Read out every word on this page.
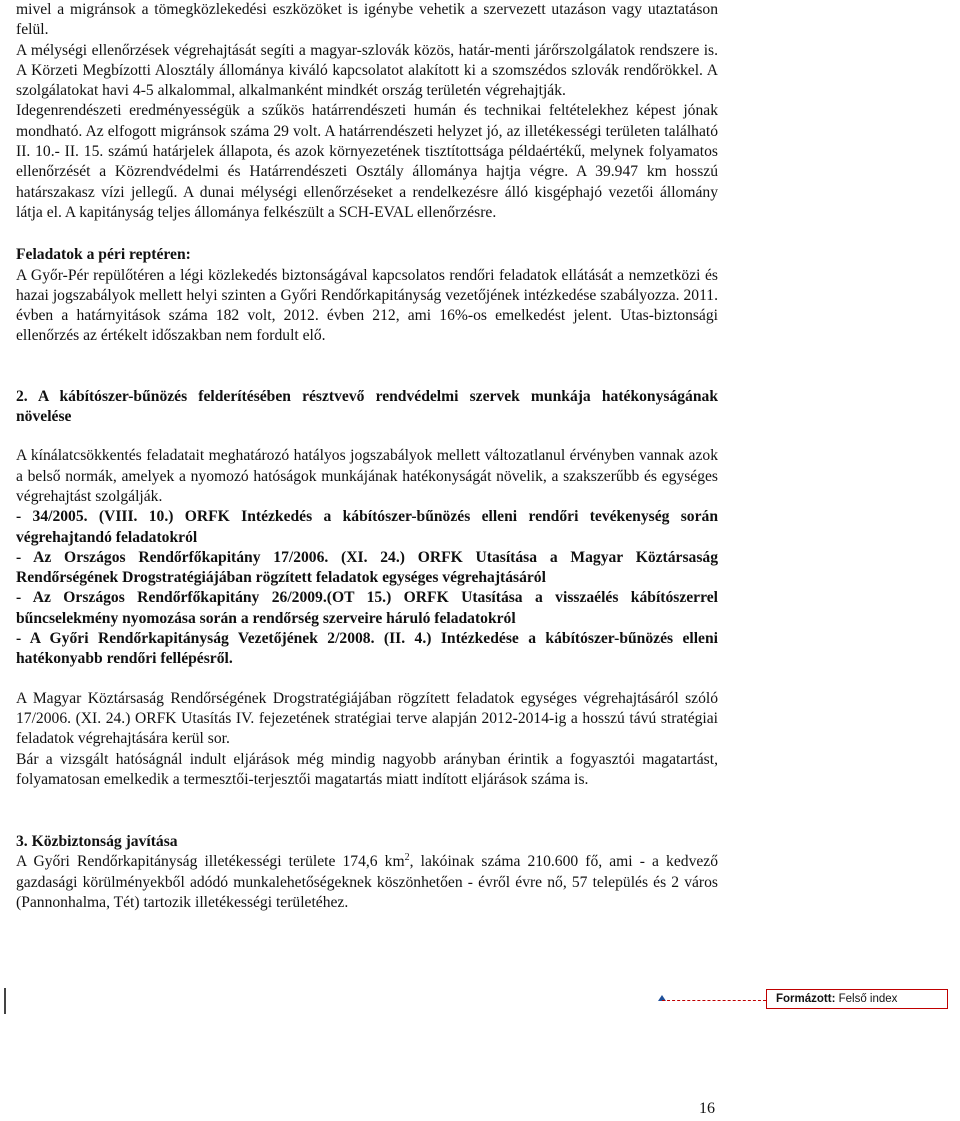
mivel a migránsok a tömegközlekedési eszközöket is igénybe vehetik a szervezett utazáson vagy utaztatáson felül.

A mélységi ellenőrzések végrehajtását segíti a magyar-szlovák közös, határ-menti járőrszolgálatok rendszere is. A Körzeti Megbízotti Alosztály állománya kiváló kapcsolatot alakított ki a szomszédos szlovák rendőrökkel. A szolgálatokat havi 4-5 alkalommal, alkalmanként mindkét ország területén végrehajtják.

Idegenrendészeti eredményességük a szűkös határrendészeti humán és technikai feltételekhez képest jónak mondható. Az elfogott migránsok száma 29 volt. A határrendészeti helyzet jó, az illetékességi területen található II. 10.- II. 15. számú határjelek állapota, és azok környezetének tisztítottsága példaértékű, melynek folyamatos ellenőrzését a Közrendvédelmi és Határrendészeti Osztály állománya hajtja végre. A 39.947 km hosszú határszakasz vízi jellegű. A dunai mélységi ellenőrzéseket a rendelkezésre álló kisgéphajó vezetői állomány látja el. A kapitányság teljes állománya felkészült a SCH-EVAL ellenőrzésre.

Feladatok a péri reptéren:

A Győr-Pér repülőtéren a légi közlekedés biztonságával kapcsolatos rendőri feladatok ellátását a nemzetközi és hazai jogszabályok mellett helyi szinten a Győri Rendőrkapitányság vezetőjének intézkedése szabályozza. 2011. évben a határnyitások száma 182 volt, 2012. évben 212, ami 16%-os emelkedést jelent. Utas-biztonsági ellenőrzés az értékelt időszakban nem fordult elő.

2. A kábítószer-bűnözés felderítésében résztvevő rendvédelmi szervek munkája hatékonyságának növelése

A kínálatcsökkentés feladatait meghatározó hatályos jogszabályok mellett változatlanul érvényben vannak azok a belső normák, amelyek a nyomozó hatóságok munkájának hatékonyságát növelik, a szakszerűbb és egységes végrehajtást szolgálják.

- 34/2005. (VIII. 10.) ORFK Intézkedés a kábítószer-bűnözés elleni rendőri tevékenység során végrehajtandó feladatokról

- Az Országos Rendőrfőkapitány 17/2006. (XI. 24.) ORFK Utasítása a Magyar Köztársaság Rendőrségének Drogstratégiájában rögzített feladatok egységes végrehajtásáról

- Az Országos Rendőrfőkapitány 26/2009.(OT 15.) ORFK Utasítása a visszaélés kábítószerrel bűncselekmény nyomozása során a rendőrség szerveire háruló feladatokról

- A Győri Rendőrkapitányság Vezetőjének 2/2008. (II. 4.) Intézkedése a kábítószer-bűnözés elleni hatékonyabb rendőri fellépésről.

A Magyar Köztársaság Rendőrségének Drogstratégiájában rögzített feladatok egységes végrehajtásáról szóló 17/2006. (XI. 24.) ORFK Utasítás IV. fejezetének stratégiai terve alapján 2012-2014-ig a hosszú távú stratégiai feladatok végrehajtására kerül sor.

Bár a vizsgált hatóságnál indult eljárások még mindig nagyobb arányban érintik a fogyasztói magatartást, folyamatosan emelkedik a termesztői-terjesztői magatartás miatt indított eljárások száma is.

3. Közbiztonság javítása

A Győri Rendőrkapitányság illetékességi területe 174,6 $km^2$, lakóinak száma 210.600 fő, ami - a kedvező gazdasági körülményekből adódó munkalehetőségeknek köszönhetően - évről évre nő, 57 település és 2 város (Pannonhalma, Tét) tartozik illetékességi területéhez.

Formázott: Felső index
16
